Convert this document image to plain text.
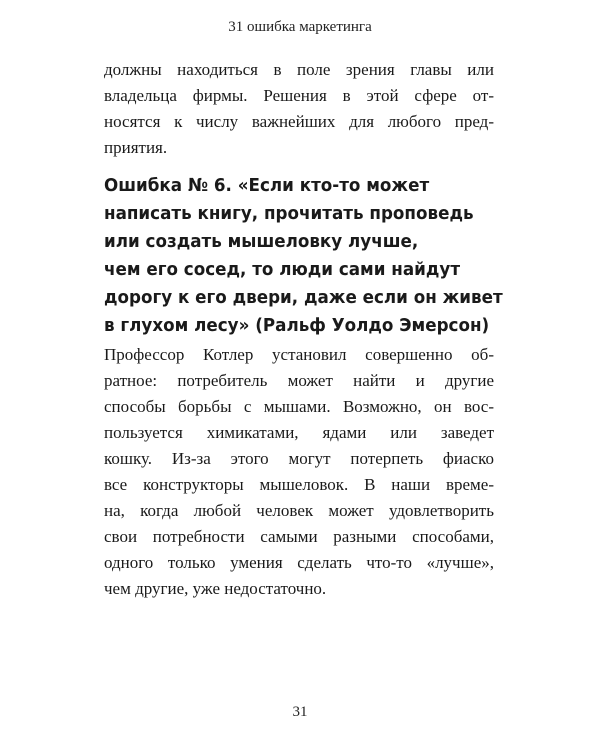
31 ошибка маркетинга
должны находиться в поле зрения главы или
владельца фирмы. Решения в этой сфере от-
носятся к числу важнейших для любого пред-
приятия.
Ошибка № 6. «Если кто-то может
написать книгу, прочитать проповедь
или создать мышеловку лучше,
чем его сосед, то люди сами найдут
дорогу к его двери, даже если он живет
в глухом лесу» (Ральф Уолдо Эмерсон)
Профессор Котлер установил совершенно об-
ратное: потребитель может найти и другие
способы борьбы с мышами. Возможно, он вос-
пользуется химикатами, ядами или заведет
кошку. Из-за этого могут потерпеть фиаско
все конструкторы мышеловок. В наши време-
на, когда любой человек может удовлетворить
свои потребности самыми разными способами,
одного только умения сделать что-то «лучше»,
чем другие, уже недостаточно.
31
